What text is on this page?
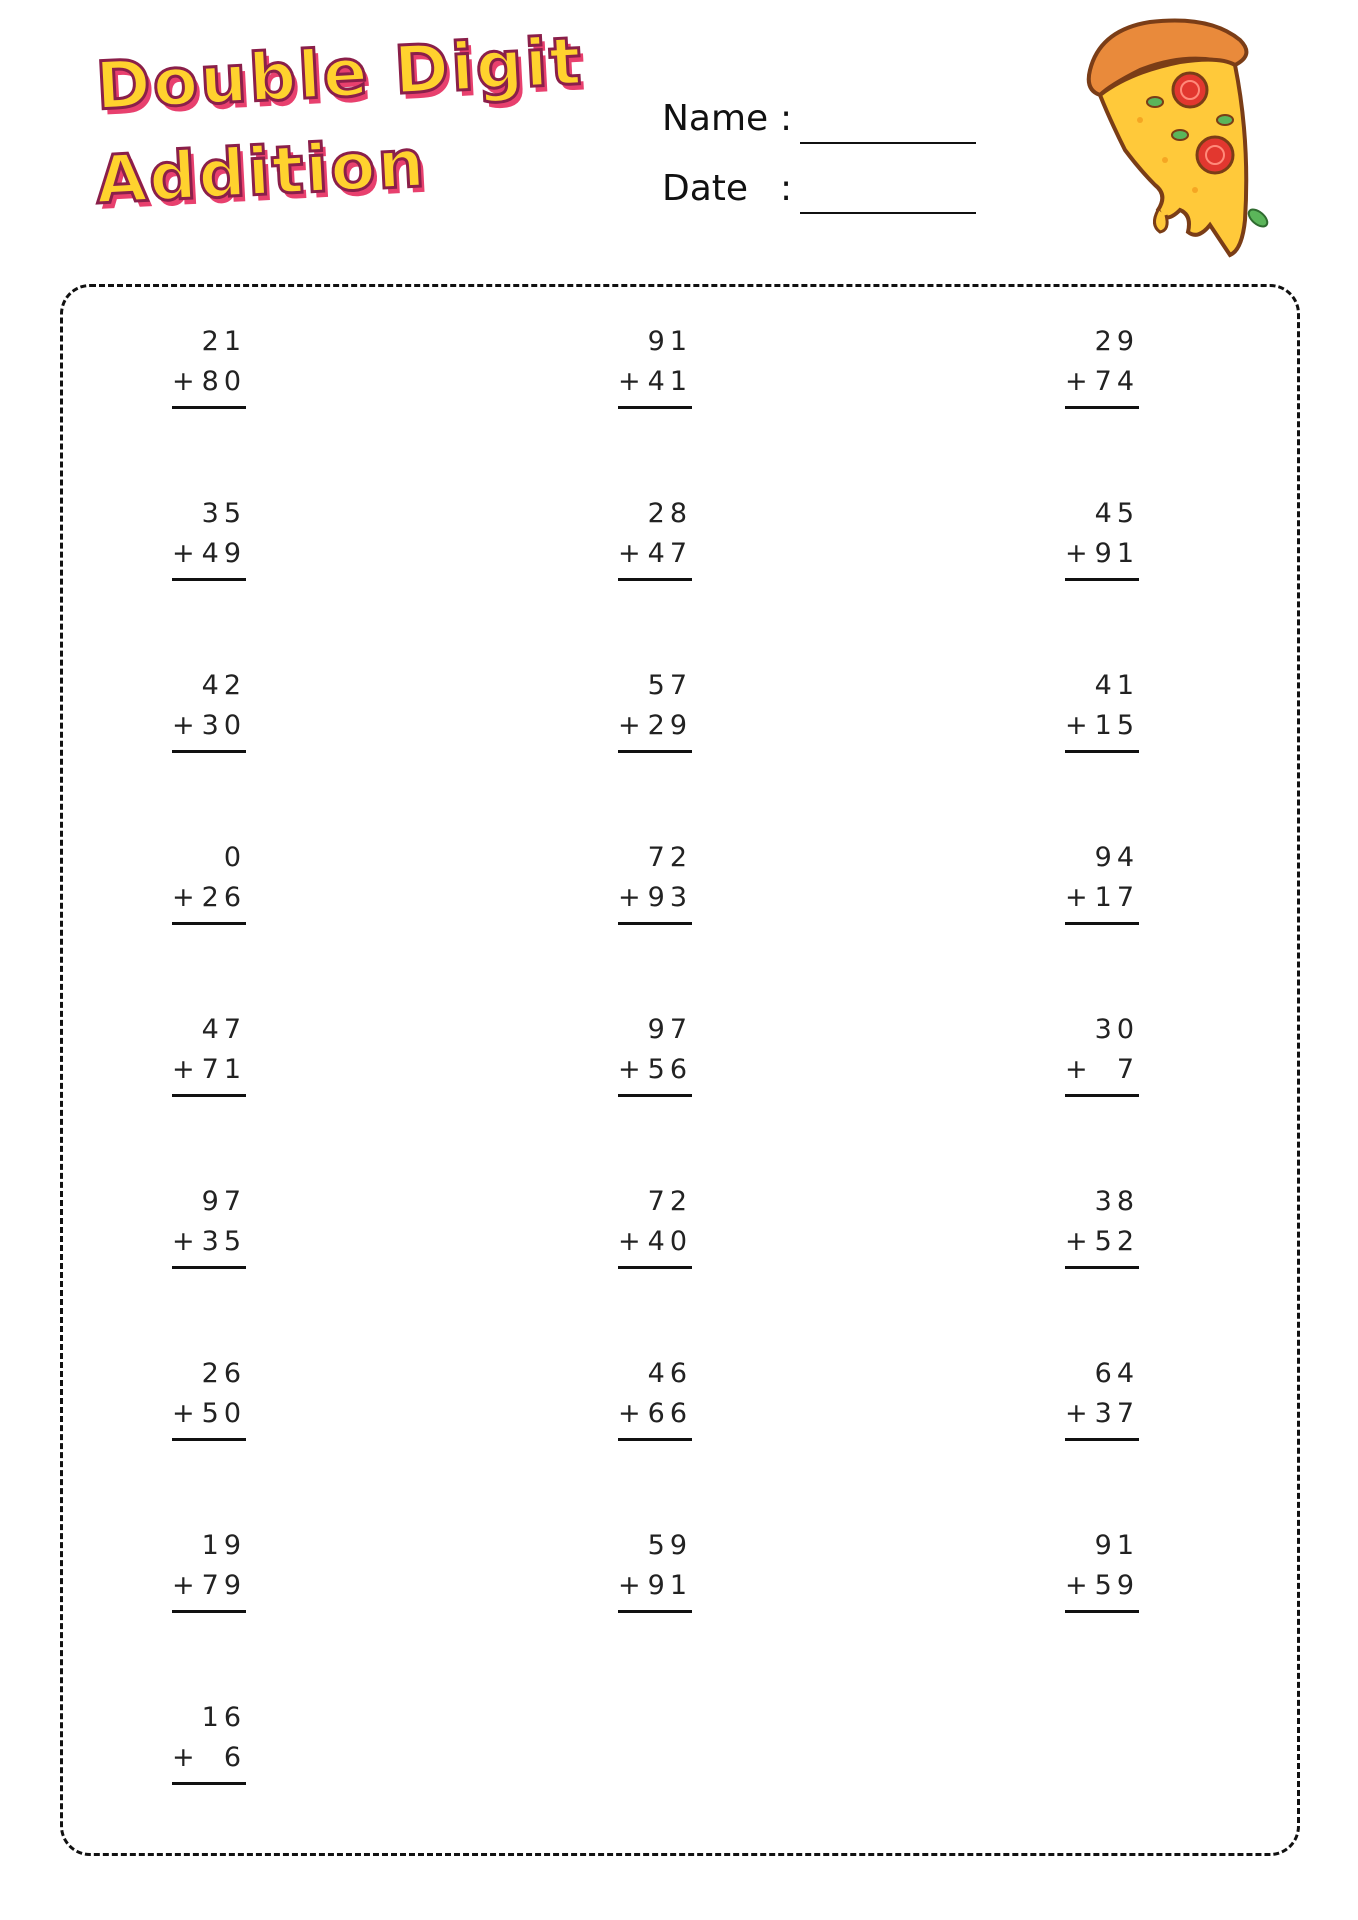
Double Digit
Addition
Name :
Date :
21
+ 80
91
+ 41
29
+ 74
35
+ 49
28
+ 47
45
+ 91
42
+ 30
57
+ 29
41
+ 15
0
+ 26
72
+ 93
94
+ 17
47
+ 71
97
+ 56
30
+ 7
97
+ 35
72
+ 40
38
+ 52
26
+ 50
46
+ 66
64
+ 37
19
+ 79
59
+ 91
91
+ 59
16
+ 6
